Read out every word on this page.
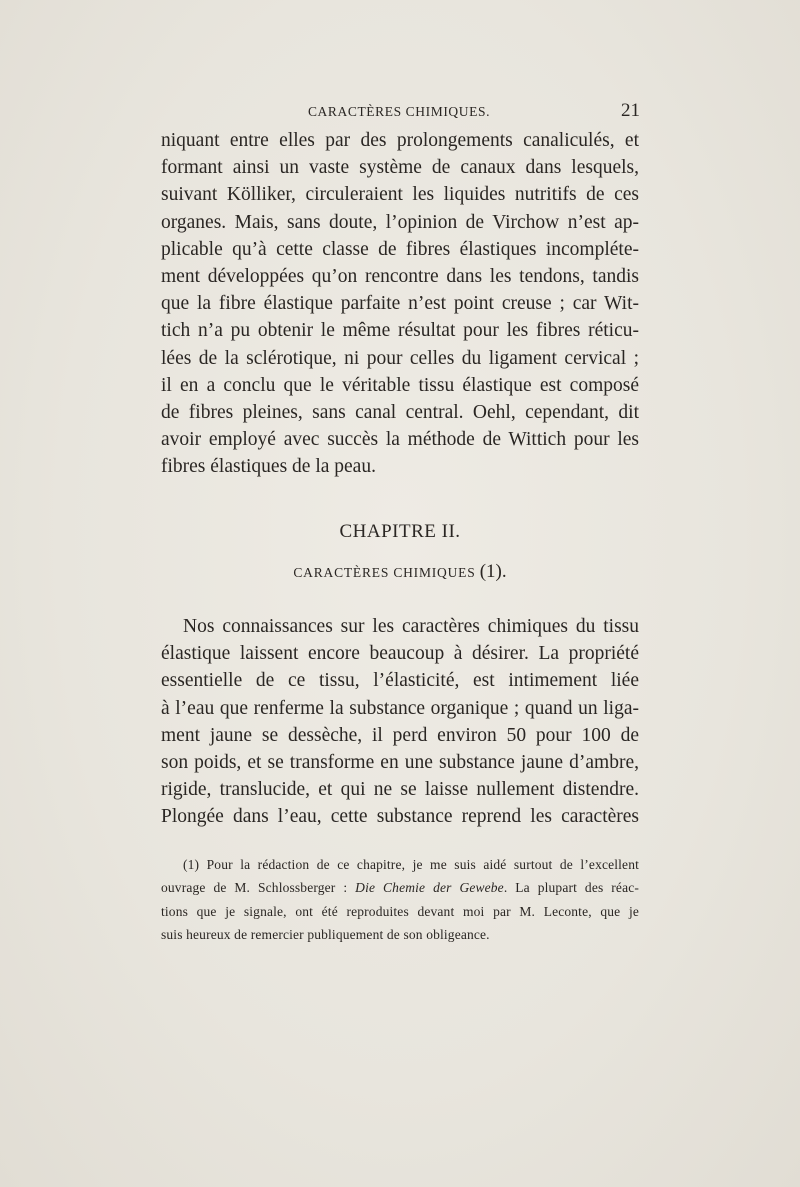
CARACTÈRES CHIMIQUES.	21
niquant entre elles par des prolongements canaliculés, et
formant ainsi un vaste système de canaux dans lesquels,
suivant Kölliker, circuleraient les liquides nutritifs de ces
organes. Mais, sans doute, l’opinion de Virchow n’est ap-
plicable qu’à cette classe de fibres élastiques incompléte-
ment développées qu’on rencontre dans les tendons, tandis
que la fibre élastique parfaite n’est point creuse ; car Wit-
tich n’a pu obtenir le même résultat pour les fibres réticu-
lées de la sclérotique, ni pour celles du ligament cervical ;
il en a conclu que le véritable tissu élastique est composé
de fibres pleines, sans canal central. Oehl, cependant, dit
avoir employé avec succès la méthode de Wittich pour les
fibres élastiques de la peau.
CHAPITRE II.
CARACTÈRES CHIMIQUES (1).
Nos connaissances sur les caractères chimiques du tissu
élastique laissent encore beaucoup à désirer. La propriété
essentielle de ce tissu, l’élasticité, est intimement liée
à l’eau que renferme la substance organique ; quand un liga-
ment jaune se dessèche, il perd environ 50 pour 100 de
son poids, et se transforme en une substance jaune d’ambre,
rigide, translucide, et qui ne se laisse nullement distendre.
Plongée dans l’eau, cette substance reprend les caractères
(1) Pour la rédaction de ce chapitre, je me suis aidé surtout de l’excellent
ouvrage de M. Schlossberger : Die Chemie der Gewebe. La plupart des réac-
tions que je signale, ont été reproduites devant moi par M. Leconte, que je
suis heureux de remercier publiquement de son obligeance.
